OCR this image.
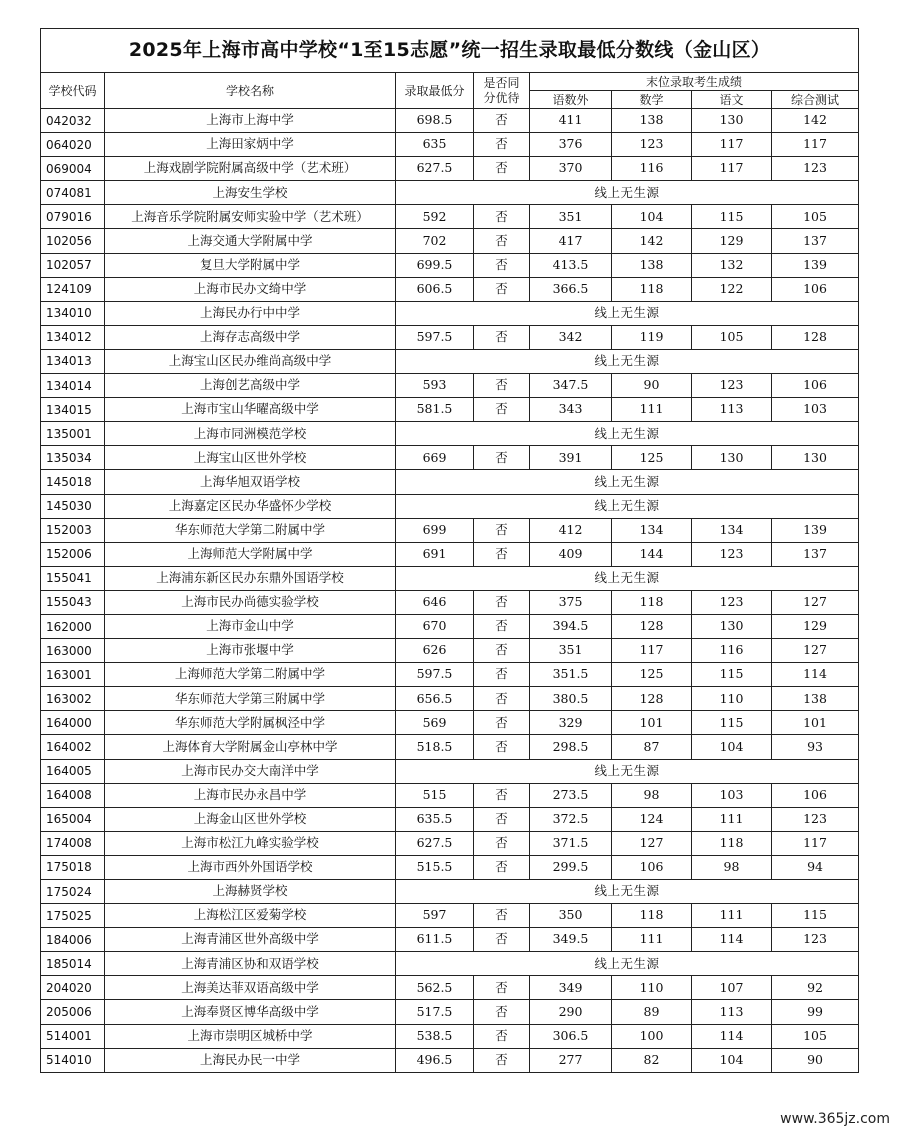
2025年上海市高中学校“1至15志愿”统一招生录取最低分数线（金山区）							
学校代码	学校名称	录取最低分	是否同分优待	末位录取考生成绩			
				语数外	数学	语文	综合测试
042032	上海市上海中学	698.5	否	411	138	130	142
064020	上海田家炳中学	635	否	376	123	117	117
069004	上海戏剧学院附属高级中学（艺术班）	627.5	否	370	116	117	123
074081	上海安生学校	线上无生源					
079016	上海音乐学院附属安师实验中学（艺术班）	592	否	351	104	115	105
102056	上海交通大学附属中学	702	否	417	142	129	137
102057	复旦大学附属中学	699.5	否	413.5	138	132	139
124109	上海市民办文绮中学	606.5	否	366.5	118	122	106
134010	上海民办行中中学	线上无生源					
134012	上海存志高级中学	597.5	否	342	119	105	128
134013	上海宝山区民办维尚高级中学	线上无生源					
134014	上海创艺高级中学	593	否	347.5	90	123	106
134015	上海市宝山华曜高级中学	581.5	否	343	111	113	103
135001	上海市同洲模范学校	线上无生源					
135034	上海宝山区世外学校	669	否	391	125	130	130
145018	上海华旭双语学校	线上无生源					
145030	上海嘉定区民办华盛怀少学校	线上无生源					
152003	华东师范大学第二附属中学	699	否	412	134	134	139
152006	上海师范大学附属中学	691	否	409	144	123	137
155041	上海浦东新区民办东鼎外国语学校	线上无生源					
155043	上海市民办尚德实验学校	646	否	375	118	123	127
162000	上海市金山中学	670	否	394.5	128	130	129
163000	上海市张堰中学	626	否	351	117	116	127
163001	上海师范大学第二附属中学	597.5	否	351.5	125	115	114
163002	华东师范大学第三附属中学	656.5	否	380.5	128	110	138
164000	华东师范大学附属枫泾中学	569	否	329	101	115	101
164002	上海体育大学附属金山亭林中学	518.5	否	298.5	87	104	93
164005	上海市民办交大南洋中学	线上无生源					
164008	上海市民办永昌中学	515	否	273.5	98	103	106
165004	上海金山区世外学校	635.5	否	372.5	124	111	123
174008	上海市松江九峰实验学校	627.5	否	371.5	127	118	117
175018	上海市西外外国语学校	515.5	否	299.5	106	98	94
175024	上海赫贤学校	线上无生源					
175025	上海松江区爱菊学校	597	否	350	118	111	115
184006	上海青浦区世外高级中学	611.5	否	349.5	111	114	123
185014	上海青浦区协和双语学校	线上无生源					
204020	上海美达菲双语高级中学	562.5	否	349	110	107	92
205006	上海奉贤区博华高级中学	517.5	否	290	89	113	99
514001	上海市崇明区城桥中学	538.5	否	306.5	100	114	105
514010	上海民办民一中学	496.5	否	277	82	104	90
www.365jz.com
